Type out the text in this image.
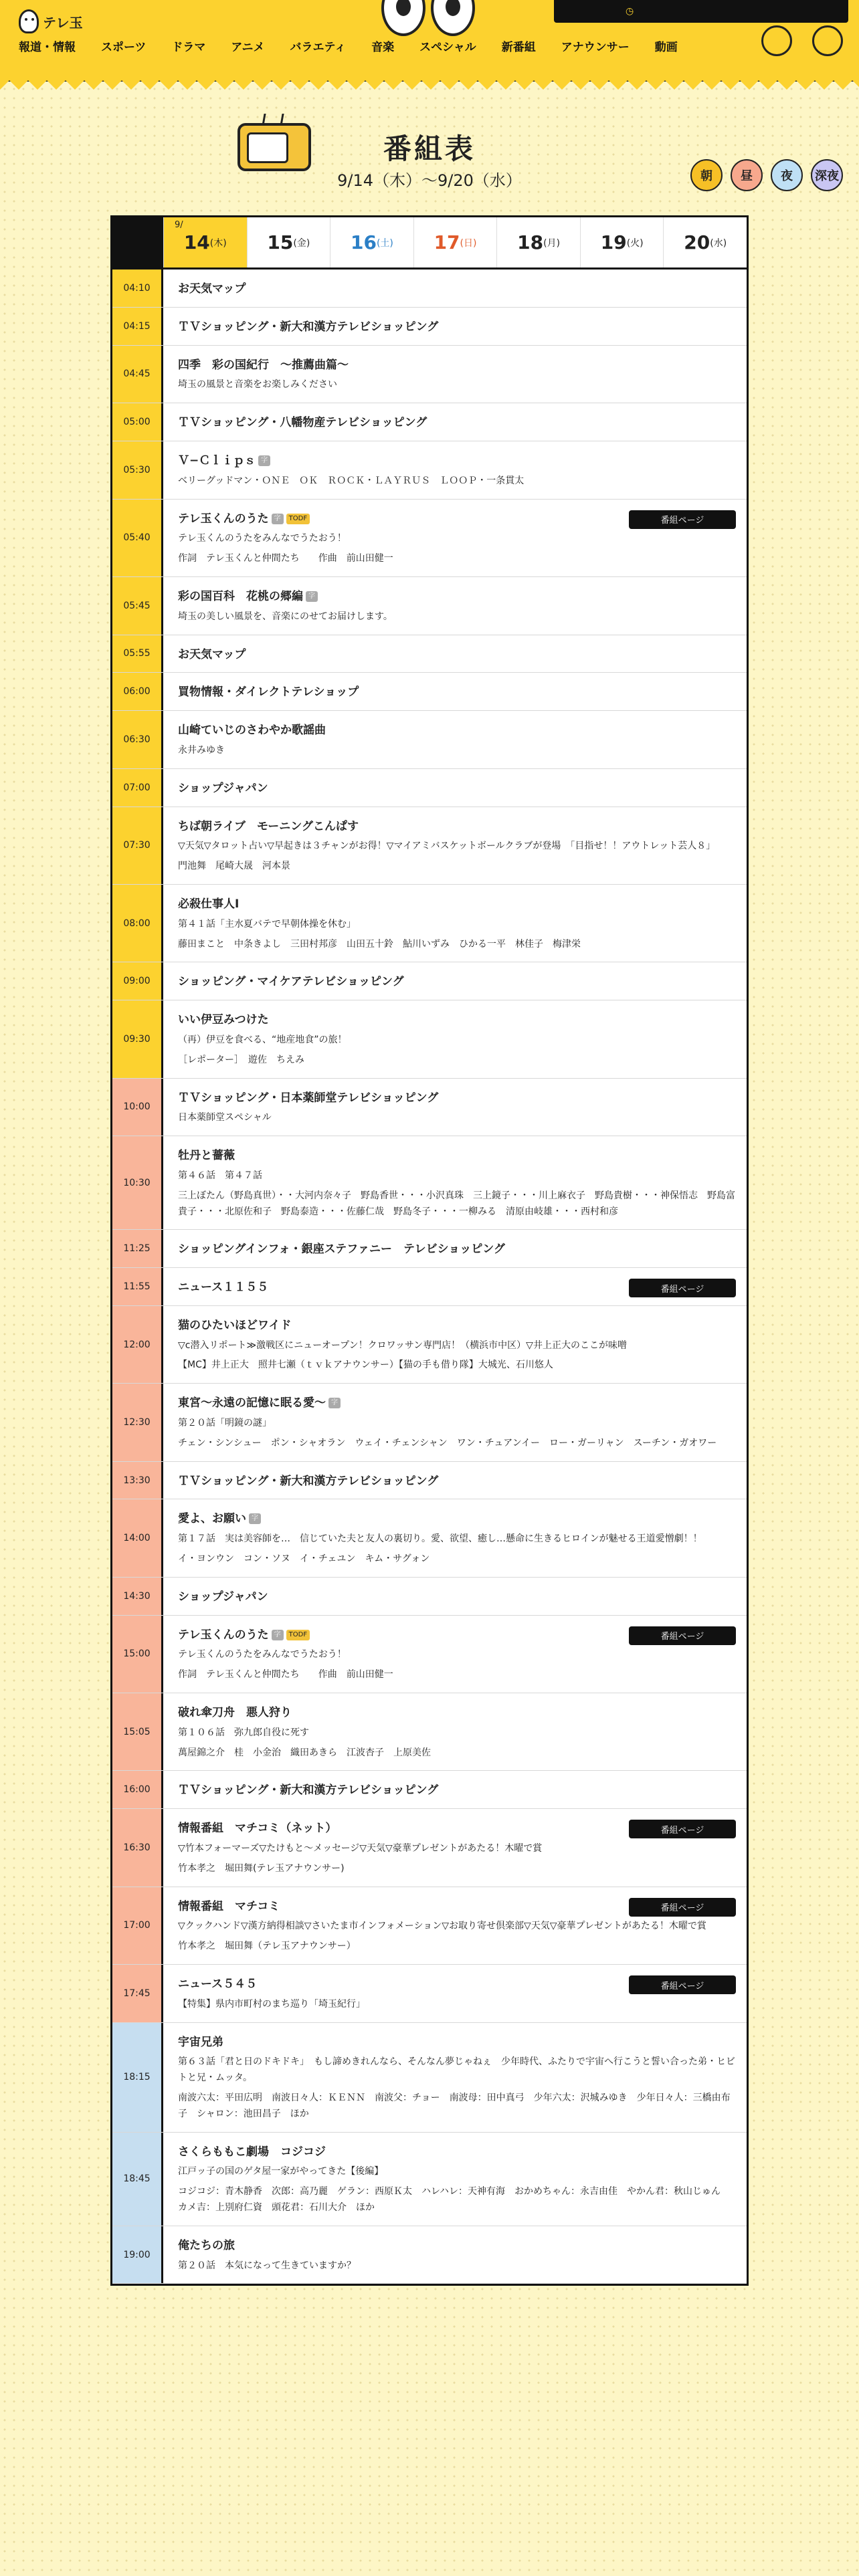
テレ玉
◷
報道・情報 スポーツ ドラマ アニメ バラエティ 音楽 スペシャル 新番組 アナウンサー 動画
番組表
9/14（木）〜9/20（水）	朝	昼	夜	深夜
9/
14 (木) 15 (金) 16 (土) 17 (日) 18 (月) 19 (火) 20 (水)
04:10	お天気マップ
04:15	ＴＶショッピング・新大和漢方テレビショッピング
04:45
四季　彩の国紀行　〜推薦曲篇〜

埼玉の風景と音楽をお楽しみください

05:00	ＴＶショッピング・八幡物産テレビショッピング
05:30
Ｖ−Ｃｌｉｐｓ 字

ベリーグッドマン・ＯＮＥ　ＯＫ　ＲＯＣＫ・ＬＡＹＲＵＳ　ＬＯＯＰ・一条貫太

05:40
テレ玉くんのうた 字 TODF

テレ玉くんのうたをみんなでうたおう！

作詞　テレ玉くんと仲間たち　　作曲　前山田健一

番組ページ
05:45
彩の国百科　花桃の郷編 字

埼玉の美しい風景を、音楽にのせてお届けします。

05:55	お天気マップ
06:00	買物情報・ダイレクトテレショップ
06:30
山崎ていじのさわやか歌謡曲

永井みゆき

07:00	ショップジャパン
07:30
ちば朝ライブ　モーニングこんぱす

▽天気▽タロット占い▽早起きは３チャンがお得！▽マイアミバスケットボールクラブが登場　「目指せ！！アウトレット芸人８」

門池舞　尾崎大晟　河本景

08:00
必殺仕事人Ⅰ

第４１話「主水夏バテで早朝体操を休む」

藤田まこと　中条きよし　三田村邦彦　山田五十鈴　鮎川いずみ　ひかる一平　林佳子　梅津栄

09:00	ショッピング・マイケアテレビショッピング
09:30
いい伊豆みつけた

（再）伊豆を食べる、“地産地食”の旅！

［レポーター］　遊佐　ちえみ

10:00
ＴＶショッピング・日本薬師堂テレビショッピング

日本薬師堂スペシャル

10:30
牡丹と薔薇

第４６話　第４７話

三上ぼたん（野島真世）・・大河内奈々子　野島香世・・・小沢真珠　三上鏡子・・・川上麻衣子　野島貴樹・・・神保悟志　野島富貴子・・・北原佐和子　野島泰造・・・佐藤仁哉　野島冬子・・・一柳みる　清原由岐雄・・・西村和彦

11:25	ショッピングインフォ・銀座ステファニー　テレビショッピング
11:55	ニュース１１５５	番組ページ
12:00
猫のひたいほどワイド

▽c潜入リポート≫激戦区にニューオープン！クロワッサン専門店！（横浜市中区）▽井上正大のここが味噌

【MC】井上正大　照井七瀬（ｔｖｋアナウンサー）【猫の手も借り隊】大城光、石川悠人

12:30
東宮〜永遠の記憶に眠る愛〜 字

第２０話「明鏡の謎」

チェン・シンシュー　ポン・シャオラン　ウェイ・チェンシャン　ワン・チュアンイー　ロー・ガーリャン　スーチン・ガオワー

13:30	ＴＶショッピング・新大和漢方テレビショッピング
14:00
愛よ、お願い 字

第１７話　実は美容師を…　信じていた夫と友人の裏切り。愛、欲望、癒し…懸命に生きるヒロインが魅せる王道愛憎劇！！

イ・ヨンウン　コン・ソヌ　イ・チェユン　キム・サグォン

14:30	ショップジャパン
15:00
テレ玉くんのうた 字 TODF

テレ玉くんのうたをみんなでうたおう！

作詞　テレ玉くんと仲間たち　　作曲　前山田健一

番組ページ
15:05
破れ傘刀舟　悪人狩り

第１０６話　弥九郎自役に死す

萬屋錦之介　桂　小金治　織田あきら　江波杏子　上原美佐

16:00	ＴＶショッピング・新大和漢方テレビショッピング
16:30
情報番組　マチコミ（ネット）

▽竹本フォーマーズ▽たけもと〜メッセージ▽天気▽豪華プレゼントがあたる！木曜で賞

竹本孝之　堀田舞(テレ玉アナウンサー)

番組ページ
17:00
情報番組　マチコミ

▽クックハンド▽漢方納得相談▽さいたま市インフォメーション▽お取り寄せ倶楽部▽天気▽豪華プレゼントがあたる！木曜で賞

竹本孝之　堀田舞（テレ玉アナウンサー）

番組ページ
17:45
ニュース５４５

【特集】県内市町村のまち巡り「埼玉紀行」

番組ページ
18:15
宇宙兄弟

第６３話「君と日のドキドキ」　もし諦めきれんなら、そんなん夢じゃねぇ　少年時代、ふたりで宇宙へ行こうと誓い合った弟・ヒビトと兄・ムッタ。

南波六太：平田広明　南波日々人：ＫＥＮＮ　南波父：チョー　南波母：田中真弓　少年六太：沢城みゆき　少年日々人：三橋由布子　シャロン：池田昌子　ほか

18:45
さくらももこ劇場　コジコジ

江戸ッ子の国のゲタ屋一家がやってきた【後編】

コジコジ：青木静香　次郎：高乃麗　ゲラン：西原Ｋ太　ハレハレ：天神有海　おかめちゃん：永吉由佳　やかん君：秋山じゅん　カメ吉：上別府仁資　頭花君：石川大介　ほか

19:00
俺たちの旅

第２０話　本気になって生きていますか？
